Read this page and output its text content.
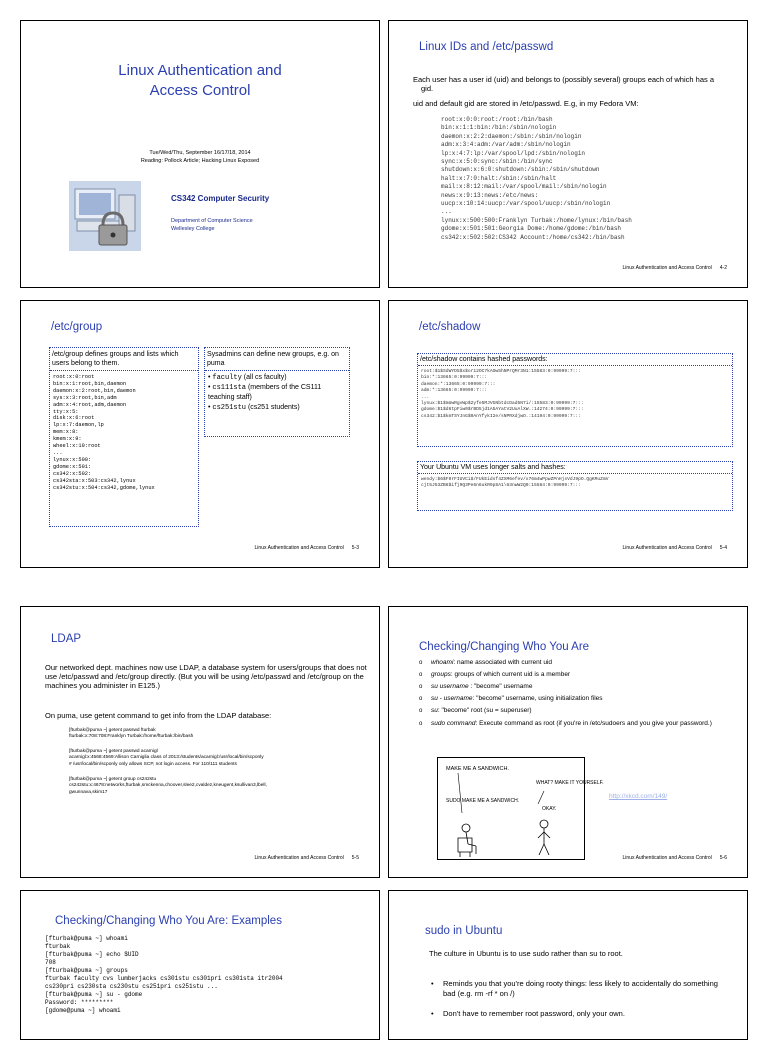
Linux Authentication and Access Control
Tue/Wed/Thu, September 16/17/18, 2014
Reading: Pollock Article; Hacking Linux Exposed
CS342 Computer Security
Department of Computer Science
Wellesley College
Linux IDs and /etc/passwd
Each user has a user id (uid) and belongs to (possibly several) groups each of which has a gid.
uid and default gid are stored in /etc/passwd. E.g, in my Fedora VM:
root:x:0:0:root:/root:/bin/bash
bin:x:1:1:bin:/bin:/sbin/nologin
daemon:x:2:2:daemon:/sbin:/sbin/nologin
adm:x:3:4:adm:/var/adm:/sbin/nologin
lp:x:4:7:lp:/var/spool/lpd:/sbin/nologin
sync:x:5:0:sync:/sbin:/bin/sync
shutdown:x:6:0:shutdown:/sbin:/sbin/shutdown
halt:x:7:0:halt:/sbin:/sbin/halt
mail:x:8:12:mail:/var/spool/mail:/sbin/nologin
news:x:9:13:news:/etc/news:
uucp:x:10:14:uucp:/var/spool/uucp:/sbin/nologin
...
lynux:x:500:500:Franklyn Turbak:/home/lynux:/bin/bash
gdome:x:501:501:Georgia Dome:/home/gdome:/bin/bash
cs342:x:502:502:CS342 Account:/home/cs342:/bin/bash
Linux Authentication and Access Control 4-2
/etc/group
/etc/group defines groups and lists which users belong to them.
root:x:0:root
bin:x:1:root,bin,daemon
daemon:x:2:root,bin,daemon
sys:x:3:root,bin,adm
adm:x:4:root,adm,daemon
tty:x:5:
disk:x:6:root
lp:x:7:daemon,lp
mem:x:8:
kmem:x:9:
wheel:x:10:root
...
lynux:x:500:
gdome:x:501:
cs342:x:502:
cs342sta:x:503:cs342,lynux
cs342stu:x:504:cs342,gdome,lynux
Sysadmins can define new groups, e.g. on puma
• faculty (all cs faculty)
• cs111sta (members of the CS111 teaching staff)
• cs251stu (cs251 students)
Linux Authentication and Access Control 5-3
/etc/shadow
/etc/shadow contains hashed passwords:
root:$1$SdWYD5$x$or12OC7kAOw5hNPrQMr3N1:15583:0:99999:7:::
bin:*:13665:0:99999:7:::
daemon:*:13665:0:99999:7:::
adm:*:13665:0:99999:7:::
...
lynux:$1$mUwRgvWp$2yfe5MJVGNbtdcDad5N7i/:15583:0:99999:7:::
gdome:$1$d6tpFiw0$rBD5jd1A5AYatV2UuAlXW.:14274:0:99999:7:::
cs342:$1$kmTSYJnG$0AnYfykI2e/sNPRXdjwO.:14194:0:99999:7:::
Your Ubuntu VM uses longer salts and hashes:
wendy:$6$F0rFIUVCi$/FUkEidsf4ZXM6efev/x76m4wPpwZPnHjsVdJ9pO.QgKMuZmV
cjt5J53ZB8$ifj9Q3Pe6n6ukR9p8A1\63nwW2Q0:15584:0:99999:7:::
Linux Authentication and Access Control 5-4
LDAP
Our networked dept. machines now use LDAP, a database system for users/groups that does not use /etc/passwd and /etc/group directly. (But you will be using /etc/passwd and /etc/group on the machines you administer in E125.)
On puma, use getent command to get info from the LDAP database:
[fturbak@puma ~] getent passwd fturbak
fturbak:x:708:708:Franklyn Turbak:/home/fturbak:/bin/bash
[fturbak@puma ~] getent passwd acarnigl
acarnigl:x:4568:4569:Allison Carniglia class of 2013:/students/acarnigl:/usr/local/bin/scponly
# /usr/local/bin/scponly only allows SCP, not login access. For 110/111 students
[fturbak@puma ~] getent group cs242stu
cs242stu:x:4678:networks,fturbak,smckenna,choover,slee2,cvaldez,kneugent,ksullivan3,lbell,
gwunnava,skim17
Linux Authentication and Access Control 5-5
Checking/Changing Who You Are
o whoami: name associated with current uid
o groups: groups of which current uid is a member
o su username : "become" username
o su - username: "become" username, using initialization files
o su: "become" root (su = superuser)
o sudo command: Execute command as root (if you're in /etc/sudoers and you give your password.)
MAKE ME A SANDWICH.
WHAT? MAKE IT YOURSELF.
SUDO MAKE ME A SANDWICH.
OKAY.
http://xkcd.com/149/
Linux Authentication and Access Control 5-6
Checking/Changing Who You Are: Examples
[fturbak@puma ~] whoami
fturbak
[fturbak@puma ~] echo $UID
708
[fturbak@puma ~] groups
fturbak faculty cvs lumberjacks cs301stu cs301pri cs301sta itr2004
cs230pri cs230sta cs230stu cs251pri cs251stu ...
[fturbak@puma ~] su - gdome
Password: *********
[gdome@puma ~] whoami
sudo in Ubuntu
The culture in Ubuntu is to use sudo rather than su to root.
• Reminds you that you're doing rooty things: less likely to accidentally do something bad (e.g. rm -rf * on /)
• Don't have to remember root password, only your own.
